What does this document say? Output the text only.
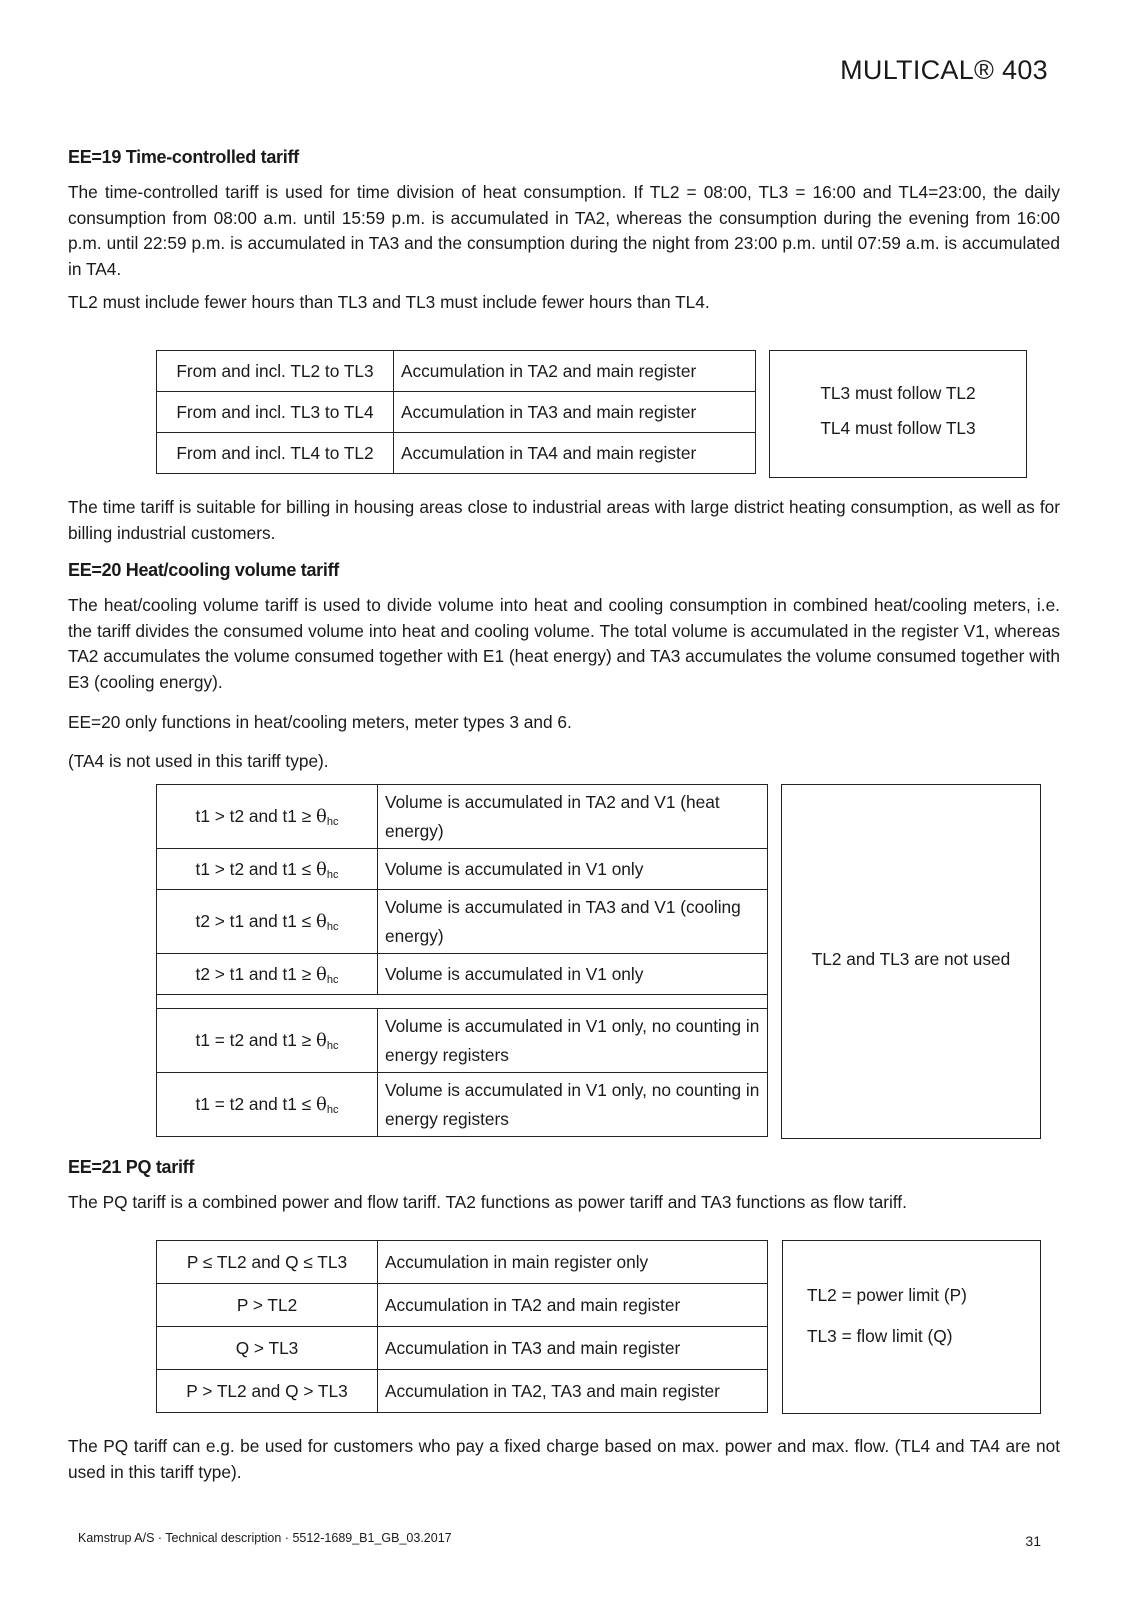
MULTICAL® 403
EE=19 Time-controlled tariff

The time-controlled tariff is used for time division of heat consumption. If TL2 = 08:00, TL3 = 16:00 and TL4=23:00, the daily consumption from 08:00 a.m. until 15:59 p.m. is accumulated in TA2, whereas the consumption during the evening from 16:00 p.m. until 22:59 p.m. is accumulated in TA3 and the consumption during the night from 23:00 p.m. until 07:59 a.m. is accumulated in TA4.

TL2 must include fewer hours than TL3 and TL3 must include fewer hours than TL4.

From and incl. TL2 to TL3	Accumulation in TA2 and main register
From and incl. TL3 to TL4	Accumulation in TA3 and main register
From and incl. TL4 to TL2	Accumulation in TA4 and main register
TL3 must follow TL2
TL4 must follow TL3

The time tariff is suitable for billing in housing areas close to industrial areas with large district heating consumption, as well as for billing industrial customers.

EE=20 Heat/cooling volume tariff

The heat/cooling volume tariff is used to divide volume into heat and cooling consumption in combined heat/cooling meters, i.e. the tariff divides the consumed volume into heat and cooling volume. The total volume is accumulated in the register V1, whereas TA2 accumulates the volume consumed together with E1 (heat energy) and TA3 accumulates the volume consumed together with E3 (cooling energy).

EE=20 only functions in heat/cooling meters, meter types 3 and 6.

(TA4 is not used in this tariff type).

t1 > t2 and t1 ≥ θhc	Volume is accumulated in TA2 and V1 (heat energy)
t1 > t2 and t1 ≤ θhc	Volume is accumulated in V1 only
t2 > t1 and t1 ≤ θhc	Volume is accumulated in TA3 and V1 (cooling energy)
t2 > t1 and t1 ≥ θhc	Volume is accumulated in V1 only

t1 = t2 and t1 ≥ θhc	Volume is accumulated in V1 only, no counting in energy registers
t1 = t2 and t1 ≤ θhc	Volume is accumulated in V1 only, no counting in energy registers
TL2 and TL3 are not used
EE=21 PQ tariff

The PQ tariff is a combined power and flow tariff. TA2 functions as power tariff and TA3 functions as flow tariff.

P ≤ TL2 and Q ≤ TL3	Accumulation in main register only
P > TL2	Accumulation in TA2 and main register
Q > TL3	Accumulation in TA3 and main register
P > TL2 and Q > TL3	Accumulation in TA2, TA3 and main register
TL2 = power limit (P)
TL3 = flow limit (Q)

The PQ tariff can e.g. be used for customers who pay a fixed charge based on max. power and max. flow. (TL4 and TA4 are not used in this tariff type).

Kamstrup A/S · Technical description · 5512-1689_B1_GB_03.2017	31
